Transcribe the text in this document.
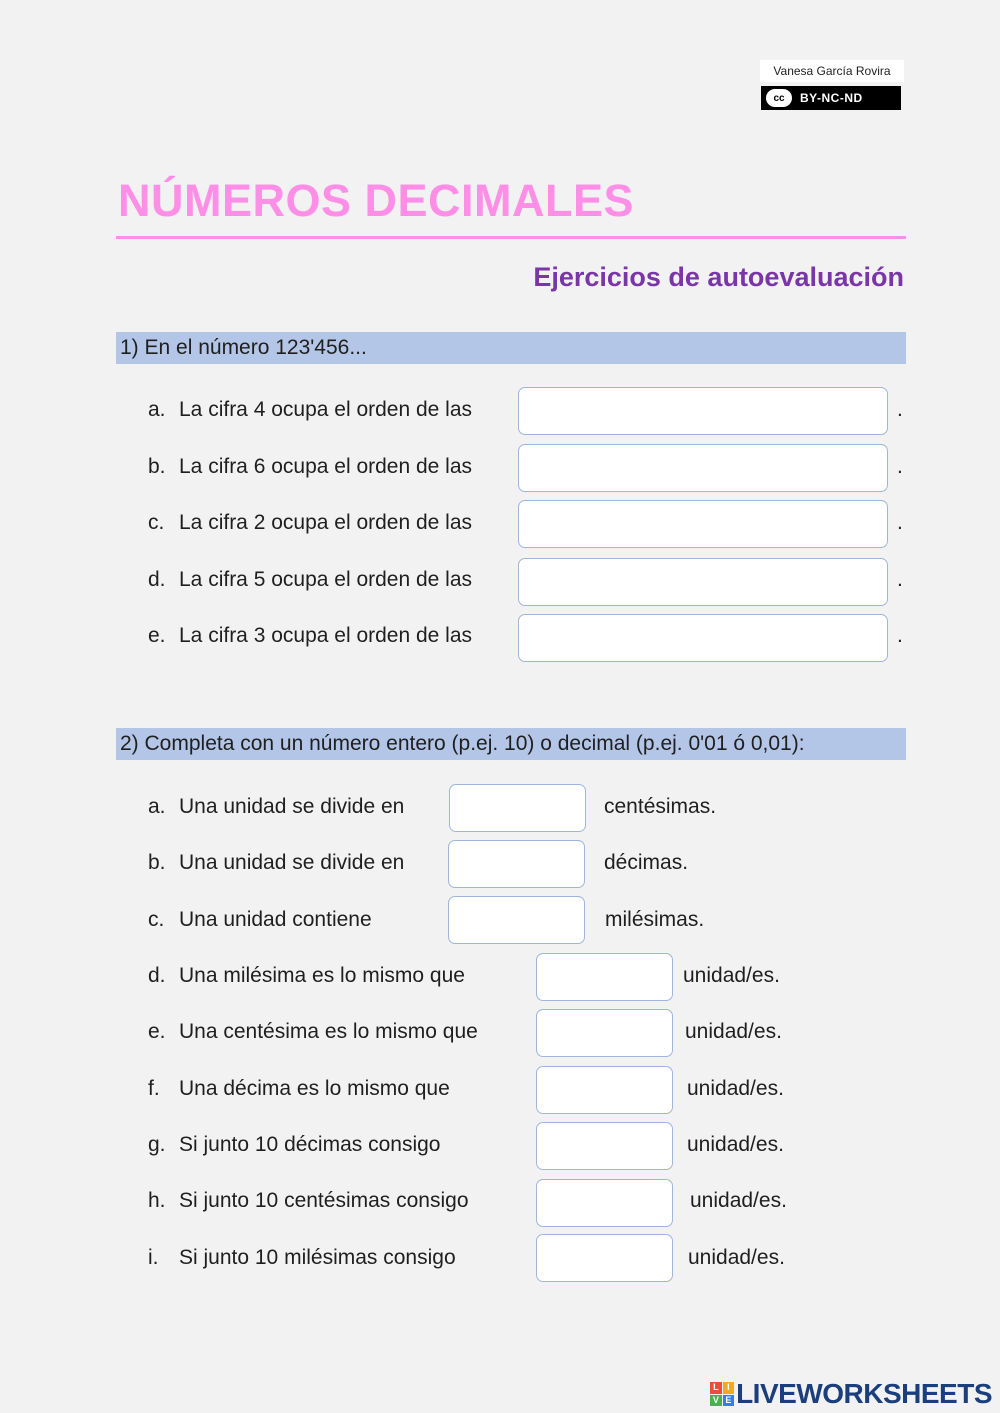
Vanesa García Rovira
cc	BY-NC-ND
NÚMEROS DECIMALES
Ejercicios de autoevaluación
1) En el número 123'456...
a. La cifra 4 ocupa el orden de las	.
b. La cifra 6 ocupa el orden de las	.
c. La cifra 2 ocupa el orden de las	.
d. La cifra 5 ocupa el orden de las	.
e. La cifra 3 ocupa el orden de las	.
2) Completa con un número entero (p.ej. 10) o decimal (p.ej. 0'01 ó 0,01):
a. Una unidad se divide en	centésimas.
b. Una unidad se divide en	décimas.
c. Una unidad contiene	milésimas.
d. Una milésima es lo mismo que	unidad/es.
e. Una centésima es lo mismo que	unidad/es.
f. Una décima es lo mismo que	unidad/es.
g. Si junto 10 décimas consigo	unidad/es.
h. Si junto 10 centésimas consigo	unidad/es.
i. Si junto 10 milésimas consigo	unidad/es.
L I
V E LIVEWORKSHEETS
